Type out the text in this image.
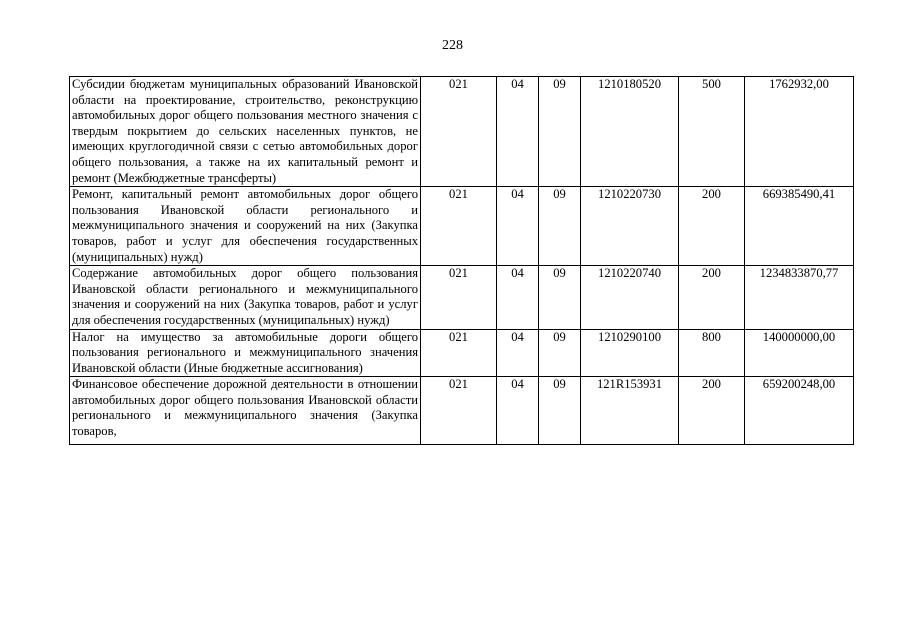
228
Субсидии бюджетам муниципальных образований Ивановской области на проектирование, строительство, реконструкцию автомобильных дорог общего пользования местного значения с твердым покрытием до сельских населенных пунктов, не имеющих круглогодичной связи с сетью автомобильных дорог общего пользования, а также на их капитальный ремонт и ремонт (Межбюджетные трансферты)	021	04	09	1210180520	500	1762932,00
Ремонт, капитальный ремонт автомобильных дорог общего пользования Ивановской области регионального и межмуниципального значения и сооружений на них (Закупка товаров, работ и услуг для обеспечения государственных (муниципальных) нужд)	021	04	09	1210220730	200	669385490,41
Содержание автомобильных дорог общего пользования Ивановской области регионального и межмуниципального значения и сооружений на них (Закупка товаров, работ и услуг для обеспечения государственных (муниципальных) нужд)	021	04	09	1210220740	200	1234833870,77
Налог на имущество за автомобильные дороги общего пользования регионального и межмуниципального значения Ивановской области (Иные бюджетные ассигнования)	021	04	09	1210290100	800	140000000,00
Финансовое обеспечение дорожной деятельности в отношении автомобильных дорог общего пользования Ивановской области регионального и межмуниципального значения (Закупка товаров,	021	04	09	121R153931	200	659200248,00
